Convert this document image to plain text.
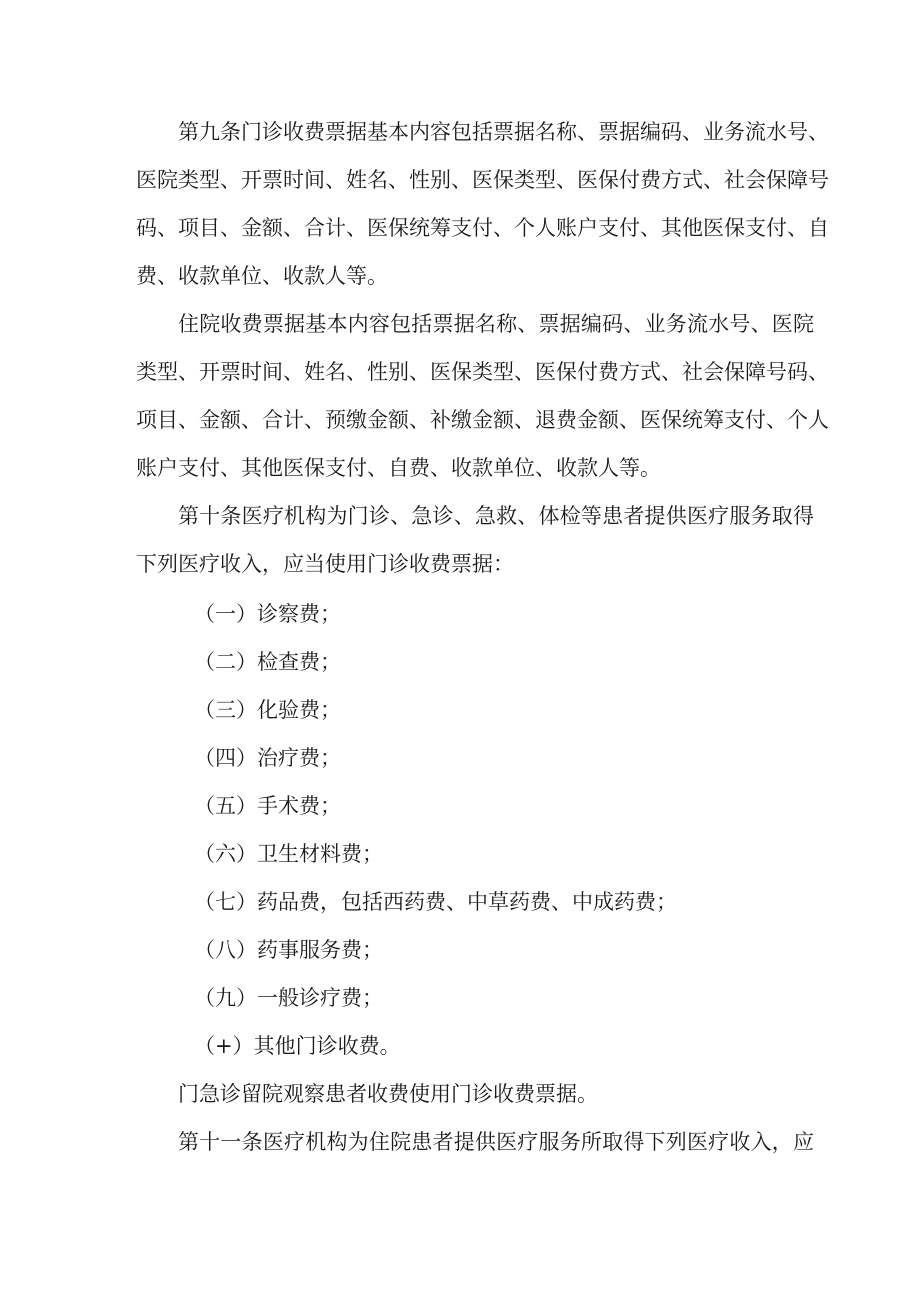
第九条门诊收费票据基本内容包括票据名称、票据编码、业务流水号、
医院类型、开票时间、姓名、性别、医保类型、医保付费方式、社会保障号
码、项目、金额、合计、医保统筹支付、个人账户支付、其他医保支付、自
费、收款单位、收款人等。
住院收费票据基本内容包括票据名称、票据编码、业务流水号、医院
类型、开票时间、姓名、性别、医保类型、医保付费方式、社会保障号码、
项目、金额、合计、预缴金额、补缴金额、退费金额、医保统筹支付、个人
账户支付、其他医保支付、自费、收款单位、收款人等。
第十条医疗机构为门诊、急诊、急救、体检等患者提供医疗服务取得
下列医疗收入，应当使用门诊收费票据：
（一）诊察费；
（二）检查费；
（三）化验费；
（四）治疗费；
（五）手术费；
（六）卫生材料费；
（七）药品费，包括西药费、中草药费、中成药费；
（八）药事服务费；
（九）一般诊疗费；
（+）其他门诊收费。
门急诊留院观察患者收费使用门诊收费票据。
第十一条医疗机构为住院患者提供医疗服务所取得下列医疗收入，应
